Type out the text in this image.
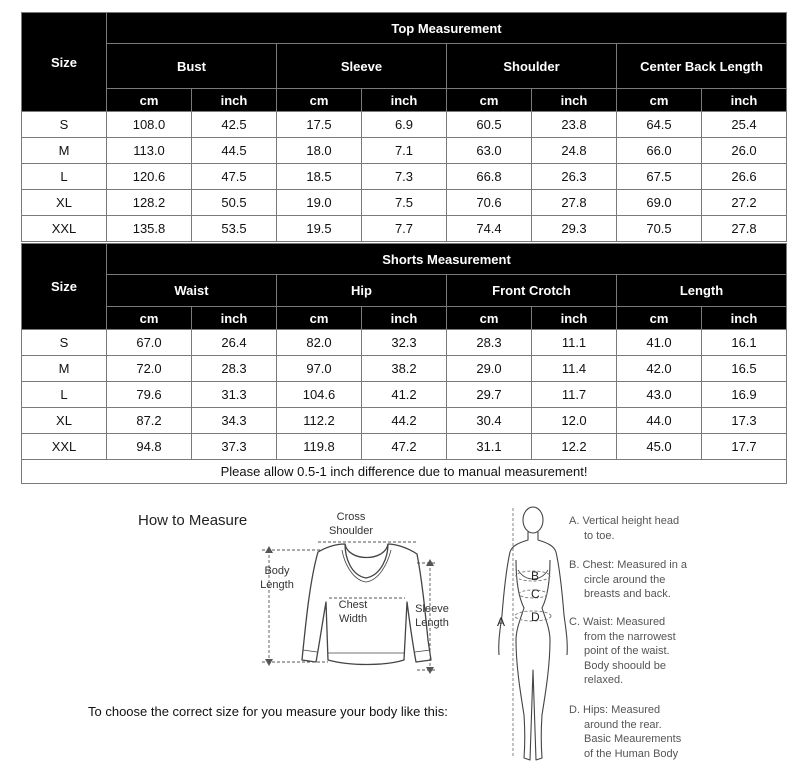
Size	Top Measurement							
	Bust		Sleeve		Shoulder		Center Back Length	
	cm	inch	cm	inch	cm	inch	cm	inch
S	108.0	42.5	17.5	6.9	60.5	23.8	64.5	25.4
M	113.0	44.5	18.0	7.1	63.0	24.8	66.0	26.0
L	120.6	47.5	18.5	7.3	66.8	26.3	67.5	26.6
XL	128.2	50.5	19.0	7.5	70.6	27.8	69.0	27.2
XXL	135.8	53.5	19.5	7.7	74.4	29.3	70.5	27.8
Size	Shorts Measurement							
	Waist		Hip		Front Crotch		Length	
	cm	inch	cm	inch	cm	inch	cm	inch
S	67.0	26.4	82.0	32.3	28.3	11.1	41.0	16.1
M	72.0	28.3	97.0	38.2	29.0	11.4	42.0	16.5
L	79.6	31.3	104.6	41.2	29.7	11.7	43.0	16.9
XL	87.2	34.3	112.2	44.2	30.4	12.0	44.0	17.3
XXL	94.8	37.3	119.8	47.2	31.1	12.2	45.0	17.7
Please allow 0.5-1 inch difference due to manual measurement!								
How to Measure	Cross
Shoulder
Body
Length
Chest
Width
Sleeve
Length	A
B
C
D
To choose the correct size for you measure your body like this:
A. Vertical height head
to toe.
B. Chest: Measured in a
circle around the
breasts and back.
C. Waist: Measured
from the narrowest
point of the waist.
Body shoould be
relaxed.
D. Hips: Measured
around the rear.
Basic Meaurements
of the Human Body
